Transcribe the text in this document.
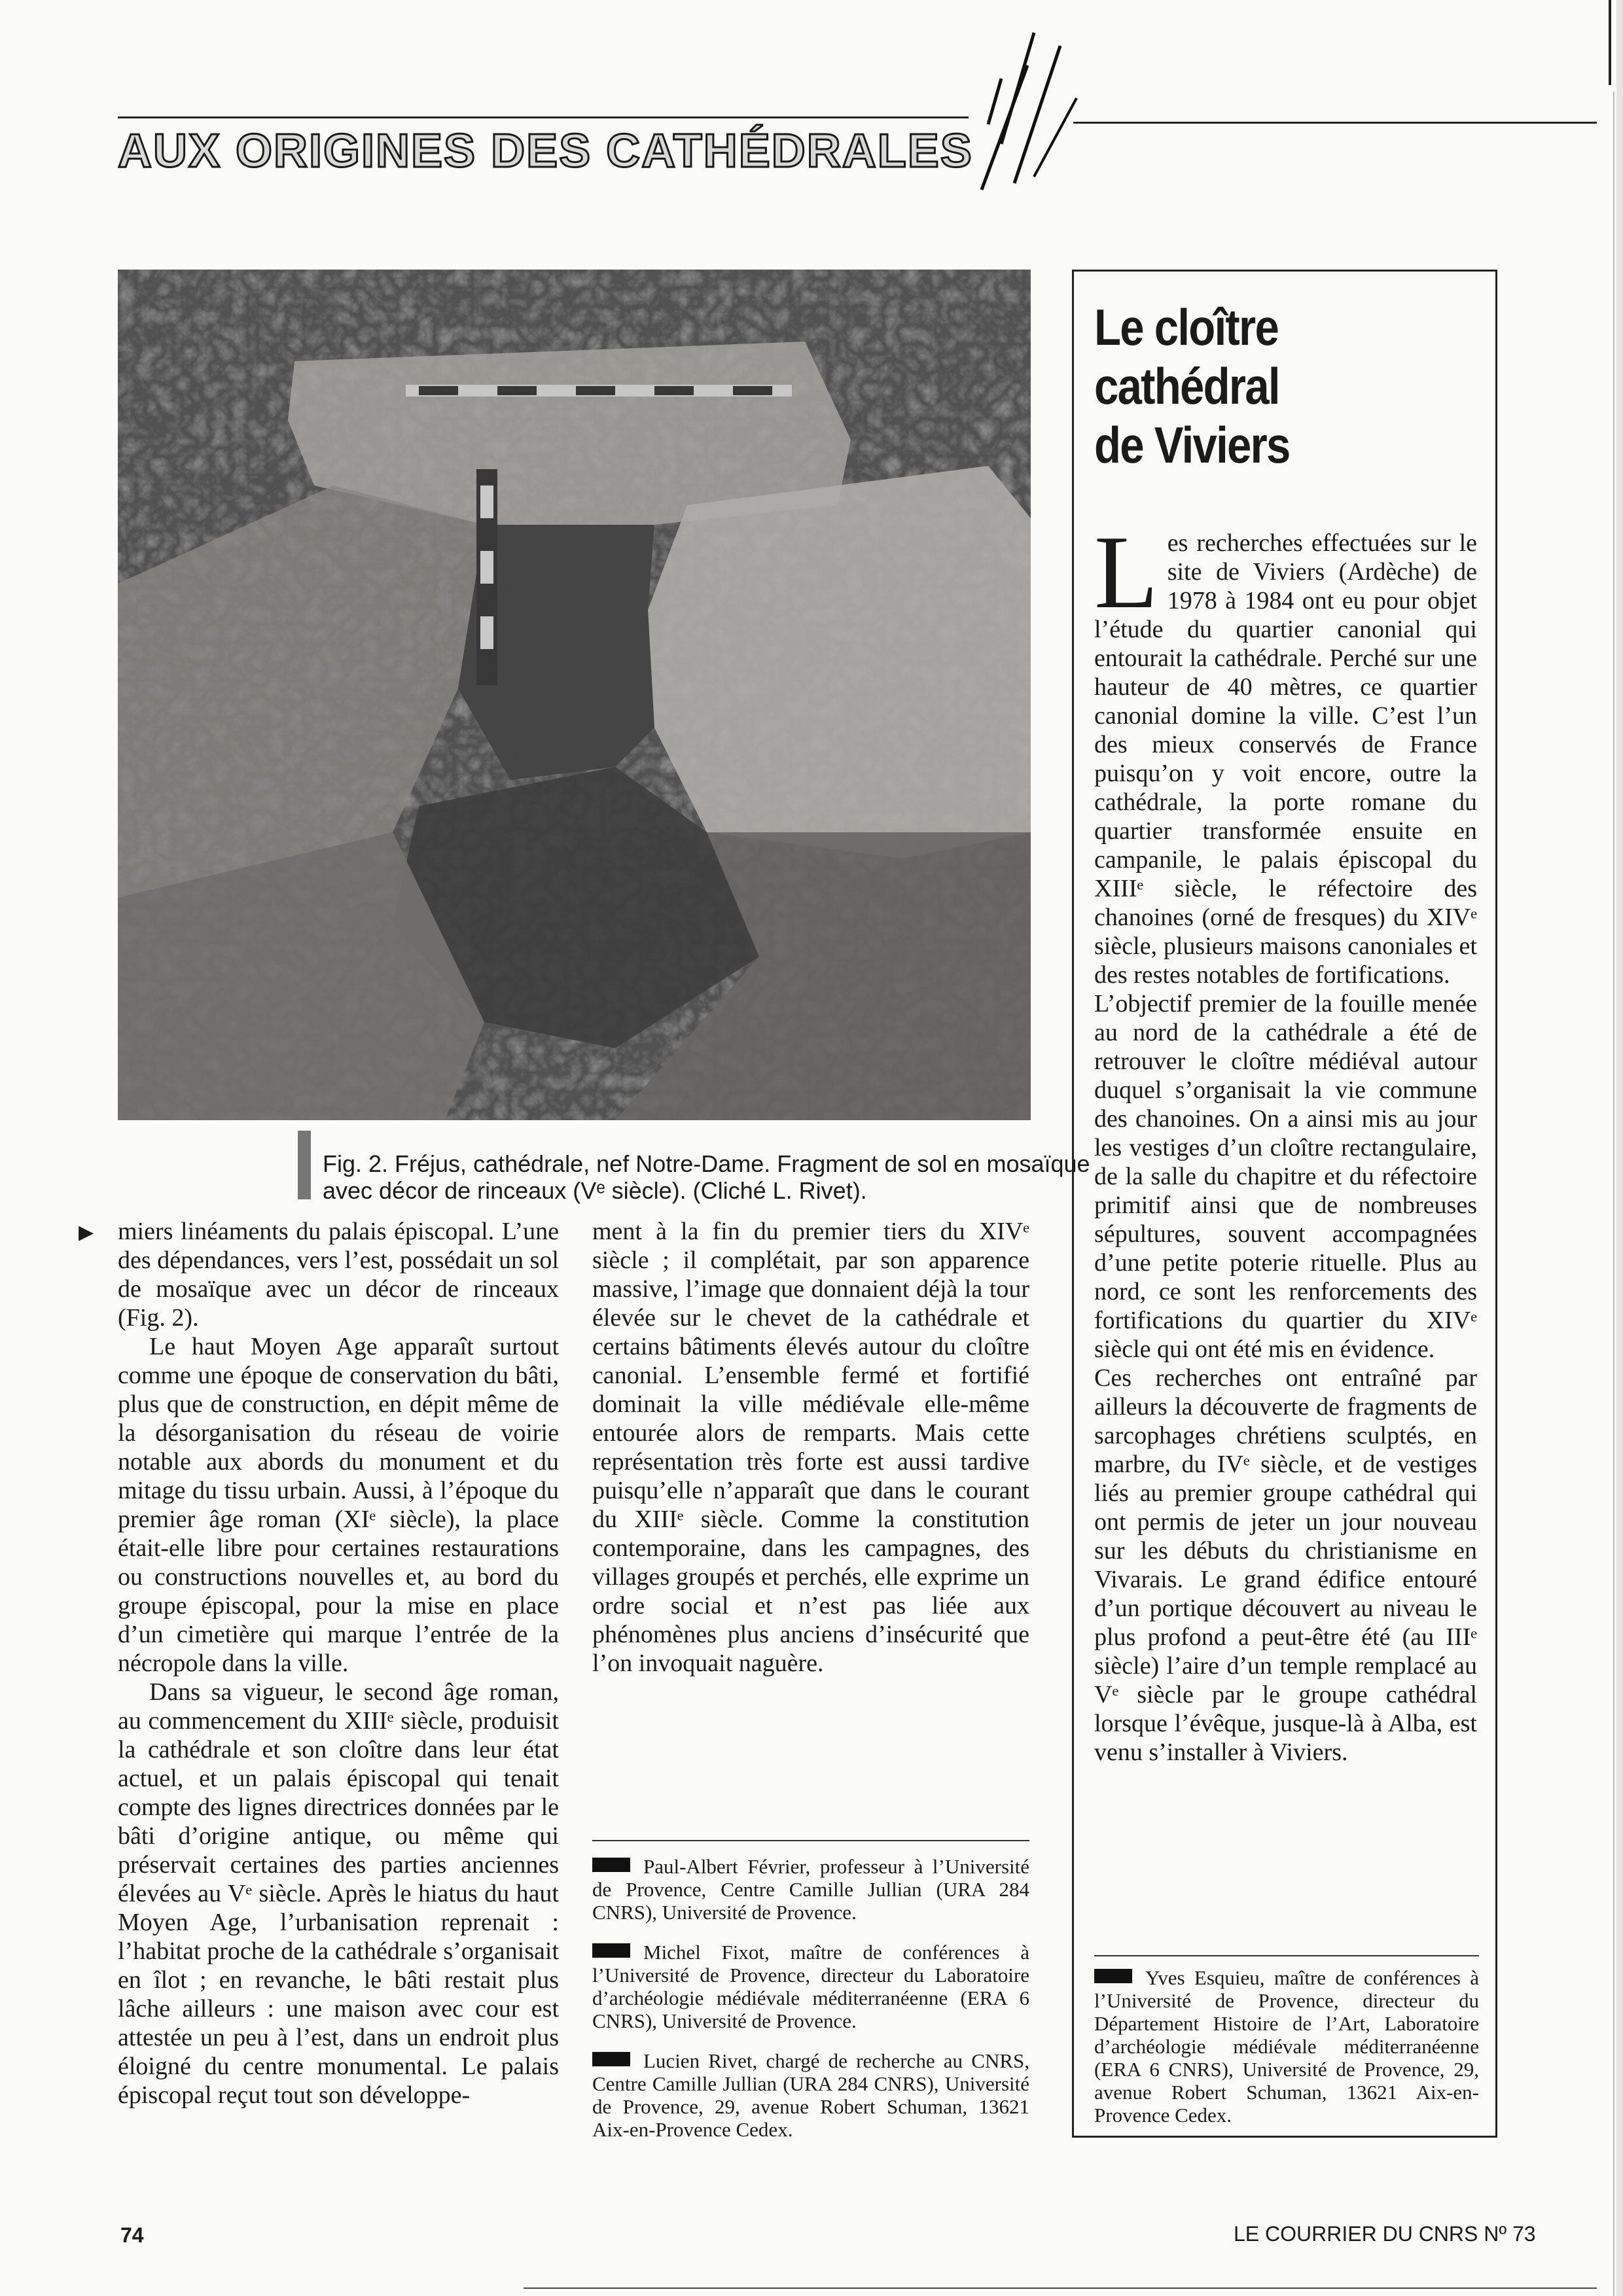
AUX ORIGINES DES CATHÉDRALES
Fig. 2. Fréjus, cathédrale, nef Notre-Dame. Fragment de sol en mosaïque
avec décor de rinceaux (Vᵉ siècle). (Cliché L. Rivet).
▶ miers linéaments du palais épiscopal. L’une des dépendances, vers l’est, possédait un sol de mosaïque avec un décor de rinceaux (Fig. 2).

Le haut Moyen Age apparaît surtout comme une époque de conservation du bâti, plus que de construction, en dépit même de la désorganisation du réseau de voirie notable aux abords du monument et du mitage du tissu urbain. Aussi, à l’époque du premier âge roman (XIᵉ siècle), la place était-elle libre pour certaines restaurations ou constructions nouvelles et, au bord du groupe épiscopal, pour la mise en place d’un cimetière qui marque l’entrée de la nécropole dans la ville.

Dans sa vigueur, le second âge roman, au commencement du XIIIᵉ siècle, produisit la cathédrale et son cloître dans leur état actuel, et un palais épiscopal qui tenait compte des lignes directrices données par le bâti d’origine antique, ou même qui préservait certaines des parties anciennes élevées au Vᵉ siècle. Après le hiatus du haut Moyen Age, l’urbanisation reprenait : l’habitat proche de la cathédrale s’organisait en îlot ; en revanche, le bâti restait plus lâche ailleurs : une maison avec cour est attestée un peu à l’est, dans un endroit plus éloigné du centre monumental. Le palais épiscopal reçut tout son développe-

ment à la fin du premier tiers du XIVᵉ siècle ; il complétait, par son apparence massive, l’image que donnaient déjà la tour élevée sur le chevet de la cathédrale et certains bâtiments élevés autour du cloître canonial. L’ensemble fermé et fortifié dominait la ville médiévale elle-même entourée alors de remparts. Mais cette représentation très forte est aussi tardive puisqu’elle n’apparaît que dans le courant du XIIIᵉ siècle. Comme la constitution contemporaine, dans les campagnes, des villages groupés et perchés, elle exprime un ordre social et n’est pas liée aux phénomènes plus anciens d’insécurité que l’on invoquait naguère.

Paul-Albert Février, professeur à l’Université de Provence, Centre Camille Jullian (URA 284 CNRS), Université de Provence.

Michel Fixot, maître de conférences à l’Université de Provence, directeur du Laboratoire d’archéologie médiévale méditerranéenne (ERA 6 CNRS), Université de Provence.

Lucien Rivet, chargé de recherche au CNRS, Centre Camille Jullian (URA 284 CNRS), Université de Provence, 29, avenue Robert Schuman, 13621 Aix-en-Provence Cedex.

Le cloître
cathédral
de Viviers

Les recherches effectuées sur le site de Viviers (Ardèche) de 1978 à 1984 ont eu pour objet l’étude du quartier canonial qui entourait la cathédrale. Perché sur une hauteur de 40 mètres, ce quartier canonial domine la ville. C’est l’un des mieux conservés de France puisqu’on y voit encore, outre la cathédrale, la porte romane du quartier transformée ensuite en campanile, le palais épiscopal du XIIIᵉ siècle, le réfectoire des chanoines (orné de fresques) du XIVᵉ siècle, plusieurs maisons canoniales et des restes notables de fortifications.

L’objectif premier de la fouille menée au nord de la cathédrale a été de retrouver le cloître médiéval autour duquel s’organisait la vie commune des chanoines. On a ainsi mis au jour les vestiges d’un cloître rectangulaire, de la salle du chapitre et du réfectoire primitif ainsi que de nombreuses sépultures, souvent accompagnées d’une petite poterie rituelle. Plus au nord, ce sont les renforcements des fortifications du quartier du XIVᵉ siècle qui ont été mis en évidence.

Ces recherches ont entraîné par ailleurs la découverte de fragments de sarcophages chrétiens sculptés, en marbre, du IVᵉ siècle, et de vestiges liés au premier groupe cathédral qui ont permis de jeter un jour nouveau sur les débuts du christianisme en Vivarais. Le grand édifice entouré d’un portique découvert au niveau le plus profond a peut-être été (au IIIᵉ siècle) l’aire d’un temple remplacé au Vᵉ siècle par le groupe cathédral lorsque l’évêque, jusque-là à Alba, est venu s’installer à Viviers.

Yves Esquieu, maître de conférences à l’Université de Provence, directeur du Département Histoire de l’Art, Laboratoire d’archéologie médiévale méditerranéenne (ERA 6 CNRS), Université de Provence, 29, avenue Robert Schuman, 13621 Aix-en-Provence Cedex.

74	LE COURRIER DU CNRS Nº 73
